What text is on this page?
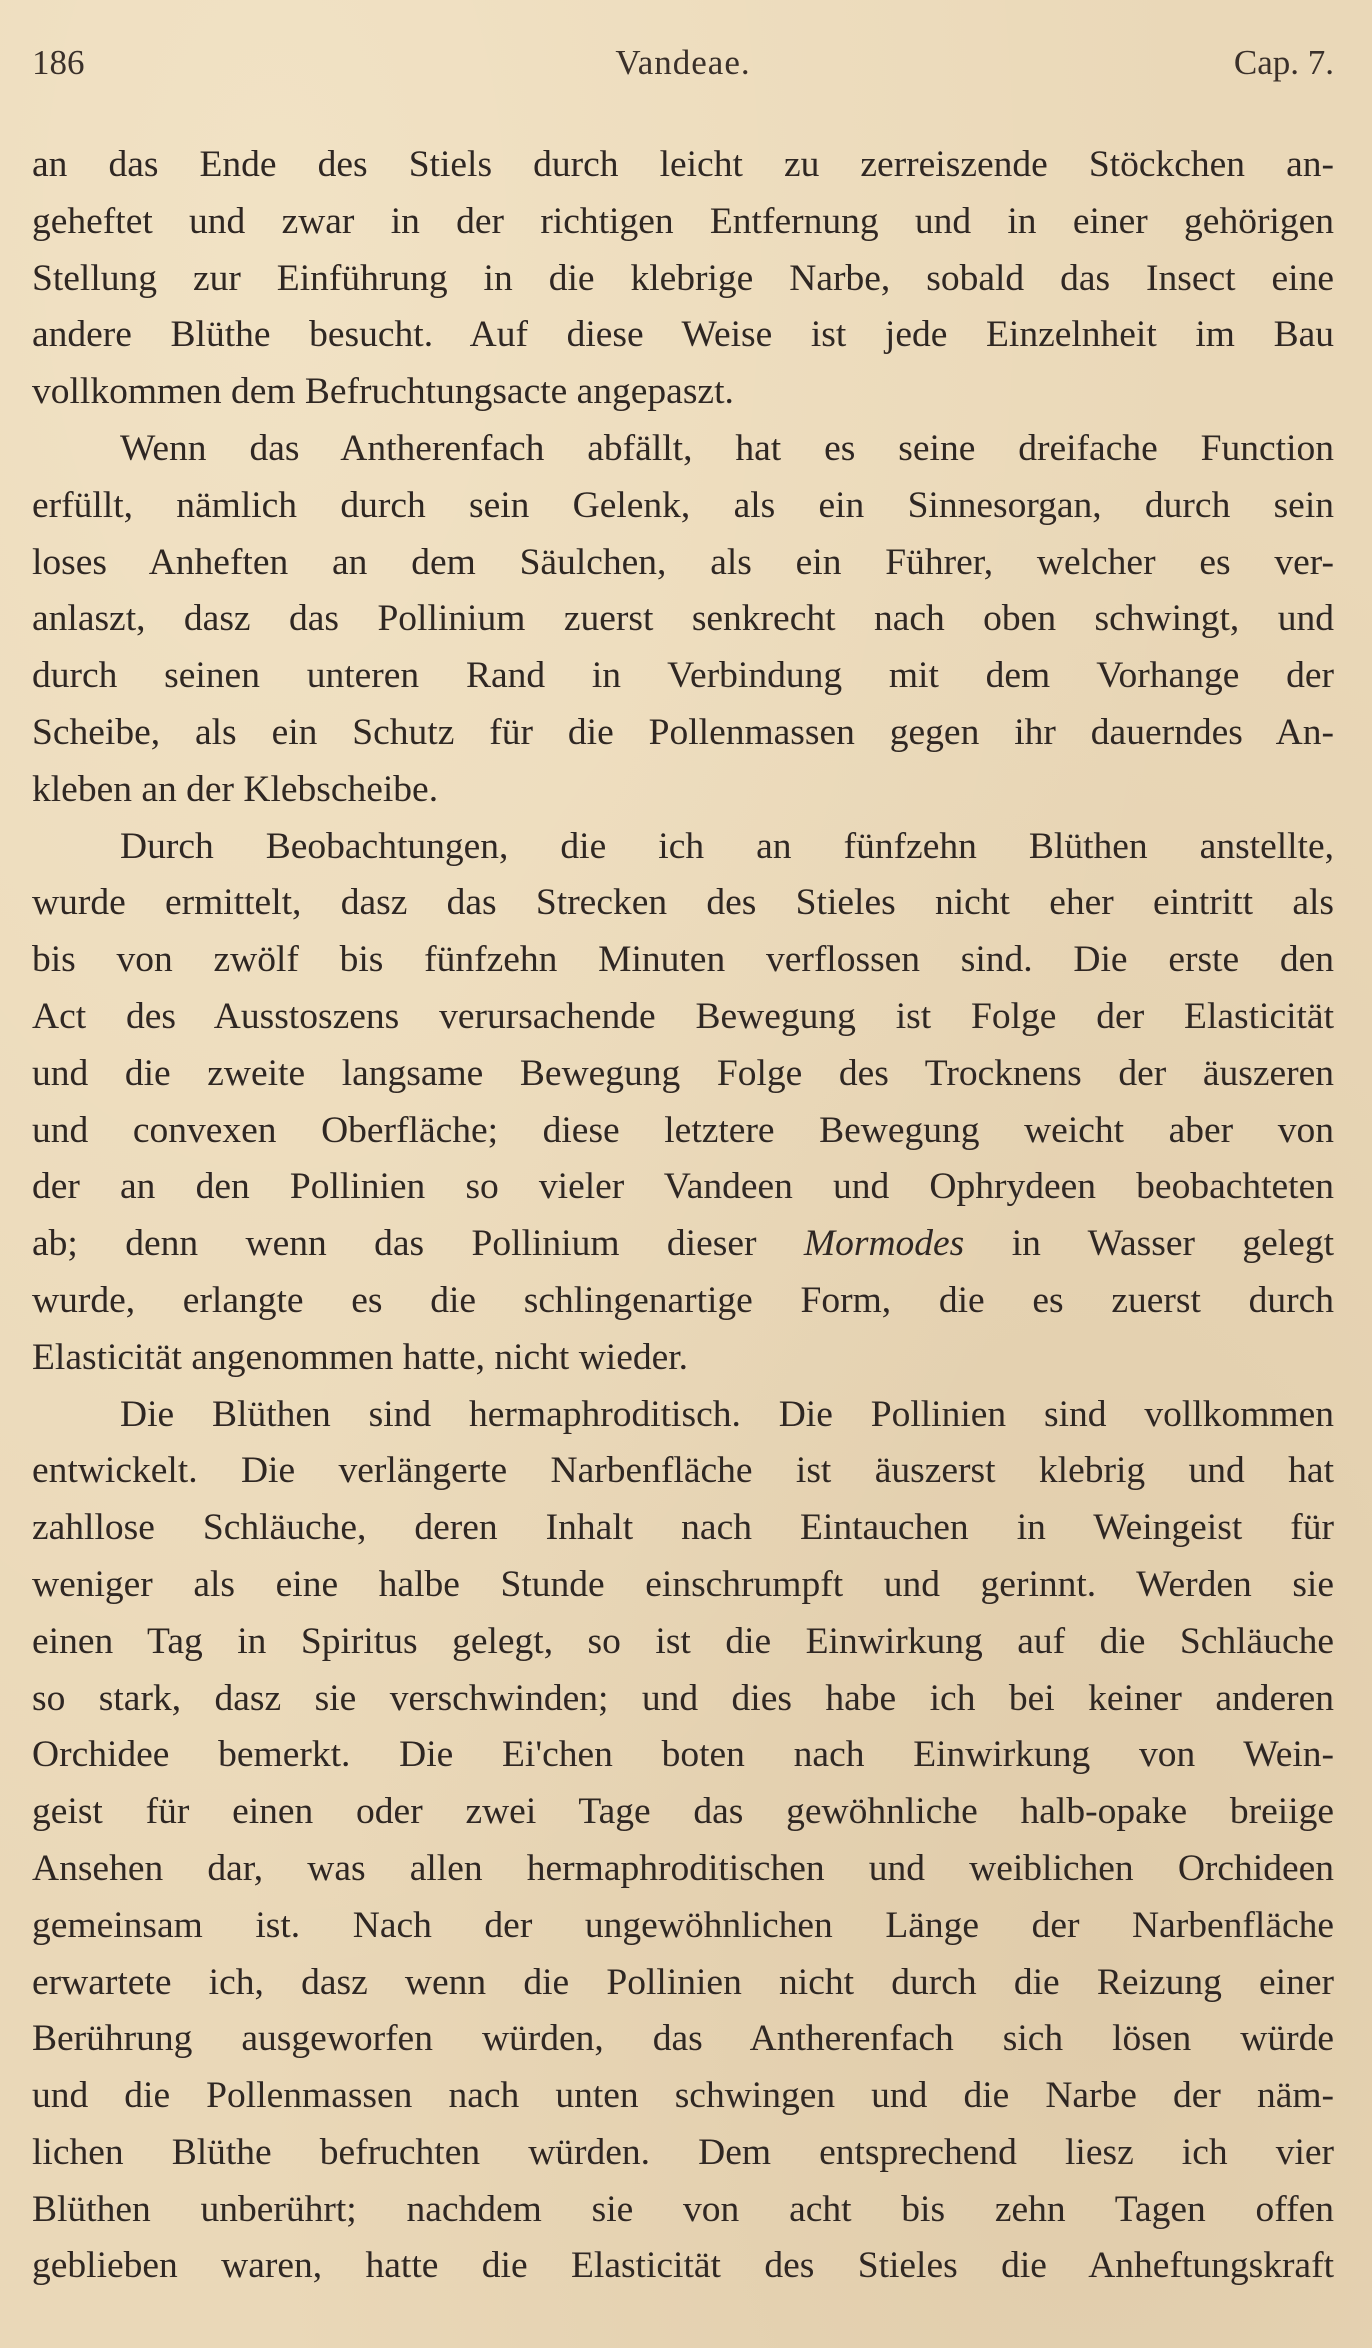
186	Vandeae.	Cap. 7.

an das Ende des Stiels durch leicht zu zerreiszende Stöckchen an-
geheftet und zwar in der richtigen Entfernung und in einer gehörigen
Stellung zur Einführung in die klebrige Narbe, sobald das Insect eine
andere Blüthe besucht. Auf diese Weise ist jede Einzelnheit im Bau
vollkommen dem Befruchtungsacte angepaszt.

Wenn das Antherenfach abfällt, hat es seine dreifache Function
erfüllt, nämlich durch sein Gelenk, als ein Sinnesorgan, durch sein
loses Anheften an dem Säulchen, als ein Führer, welcher es ver-
anlaszt, dasz das Pollinium zuerst senkrecht nach oben schwingt, und
durch seinen unteren Rand in Verbindung mit dem Vorhange der
Scheibe, als ein Schutz für die Pollenmassen gegen ihr dauerndes An-
kleben an der Klebscheibe.

Durch Beobachtungen, die ich an fünfzehn Blüthen anstellte,
wurde ermittelt, dasz das Strecken des Stieles nicht eher eintritt als
bis von zwölf bis fünfzehn Minuten verflossen sind. Die erste den
Act des Ausstoszens verursachende Bewegung ist Folge der Elasticität
und die zweite langsame Bewegung Folge des Trocknens der äuszeren
und convexen Oberfläche; diese letztere Bewegung weicht aber von
der an den Pollinien so vieler Vandeen und Ophrydeen beobachteten
ab; denn wenn das Pollinium dieser Mormodes in Wasser gelegt
wurde, erlangte es die schlingenartige Form, die es zuerst durch
Elasticität angenommen hatte, nicht wieder.

Die Blüthen sind hermaphroditisch. Die Pollinien sind vollkommen
entwickelt. Die verlängerte Narbenfläche ist äuszerst klebrig und hat
zahllose Schläuche, deren Inhalt nach Eintauchen in Weingeist für
weniger als eine halbe Stunde einschrumpft und gerinnt. Werden sie
einen Tag in Spiritus gelegt, so ist die Einwirkung auf die Schläuche
so stark, dasz sie verschwinden; und dies habe ich bei keiner anderen
Orchidee bemerkt. Die Ei'chen boten nach Einwirkung von Wein-
geist für einen oder zwei Tage das gewöhnliche halb-opake breiige
Ansehen dar, was allen hermaphroditischen und weiblichen Orchideen
gemeinsam ist. Nach der ungewöhnlichen Länge der Narbenfläche
erwartete ich, dasz wenn die Pollinien nicht durch die Reizung einer
Berührung ausgeworfen würden, das Antherenfach sich lösen würde
und die Pollenmassen nach unten schwingen und die Narbe der näm-
lichen Blüthe befruchten würden. Dem entsprechend liesz ich vier
Blüthen unberührt; nachdem sie von acht bis zehn Tagen offen
geblieben waren, hatte die Elasticität des Stieles die Anheftungskraft
